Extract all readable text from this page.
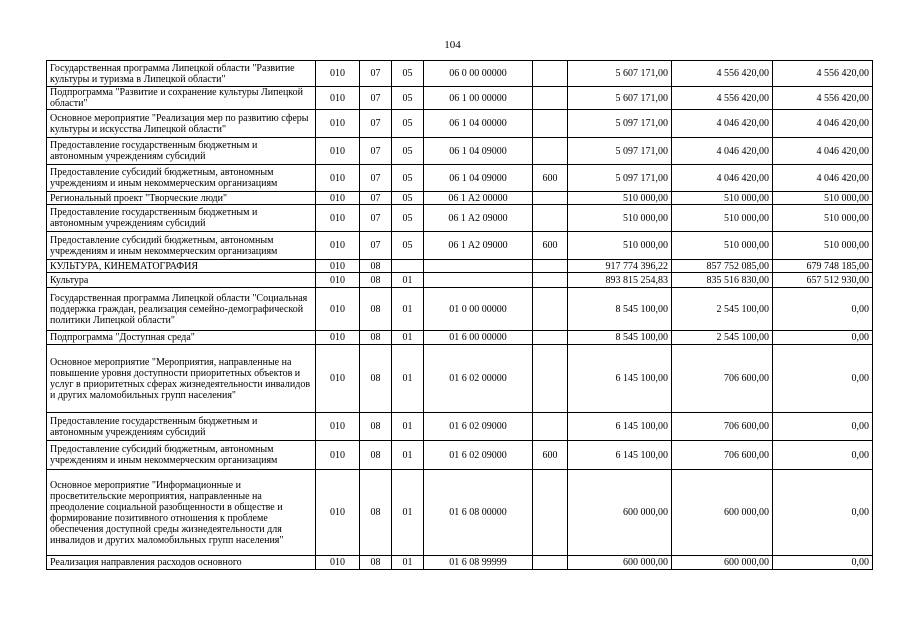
104
Государственная программа Липецкой области "Развитие культуры и туризма в Липецкой области"	010	07	05	06 0 00 00000		5 607 171,00	4 556 420,00	4 556 420,00
Подпрограмма "Развитие и сохранение культуры Липецкой области"	010	07	05	06 1 00 00000		5 607 171,00	4 556 420,00	4 556 420,00
Основное мероприятие "Реализация мер по развитию сферы культуры и искусства Липецкой области"	010	07	05	06 1 04 00000		5 097 171,00	4 046 420,00	4 046 420,00
Предоставление государственным бюджетным и автономным учреждениям субсидий	010	07	05	06 1 04 09000		5 097 171,00	4 046 420,00	4 046 420,00
Предоставление субсидий бюджетным, автономным учреждениям и иным некоммерческим организациям	010	07	05	06 1 04 09000	600	5 097 171,00	4 046 420,00	4 046 420,00
Региональный проект "Творческие люди"	010	07	05	06 1 A2 00000		510 000,00	510 000,00	510 000,00
Предоставление государственным бюджетным и автономным учреждениям субсидий	010	07	05	06 1 A2 09000		510 000,00	510 000,00	510 000,00
Предоставление субсидий бюджетным, автономным учреждениям и иным некоммерческим организациям	010	07	05	06 1 A2 09000	600	510 000,00	510 000,00	510 000,00
КУЛЬТУРА, КИНЕМАТОГРАФИЯ	010	08				917 774 396,22	857 752 085,00	679 748 185,00
Культура	010	08	01			893 815 254,83	835 516 830,00	657 512 930,00
Государственная программа Липецкой области "Социальная поддержка граждан, реализация семейно-демографической политики Липецкой области"	010	08	01	01 0 00 00000		8 545 100,00	2 545 100,00	0,00
Подпрограмма "Доступная среда"	010	08	01	01 6 00 00000		8 545 100,00	2 545 100,00	0,00
Основное мероприятие "Мероприятия, направленные на повышение уровня доступности приоритетных объектов и услуг в приоритетных сферах жизнедеятельности инвалидов и других маломобильных групп населения"	010	08	01	01 6 02 00000		6 145 100,00	706 600,00	0,00
Предоставление государственным бюджетным и автономным учреждениям субсидий	010	08	01	01 6 02 09000		6 145 100,00	706 600,00	0,00
Предоставление субсидий бюджетным, автономным учреждениям и иным некоммерческим организациям	010	08	01	01 6 02 09000	600	6 145 100,00	706 600,00	0,00
Основное мероприятие "Информационные и просветительские мероприятия, направленные на преодоление социальной разобщенности в обществе и формирование позитивного отношения к проблеме обеспечения доступной среды жизнедеятельности для инвалидов и других маломобильных групп населения"	010	08	01	01 6 08 00000		600 000,00	600 000,00	0,00
Реализация направления расходов основного	010	08	01	01 6 08 99999		600 000,00	600 000,00	0,00
